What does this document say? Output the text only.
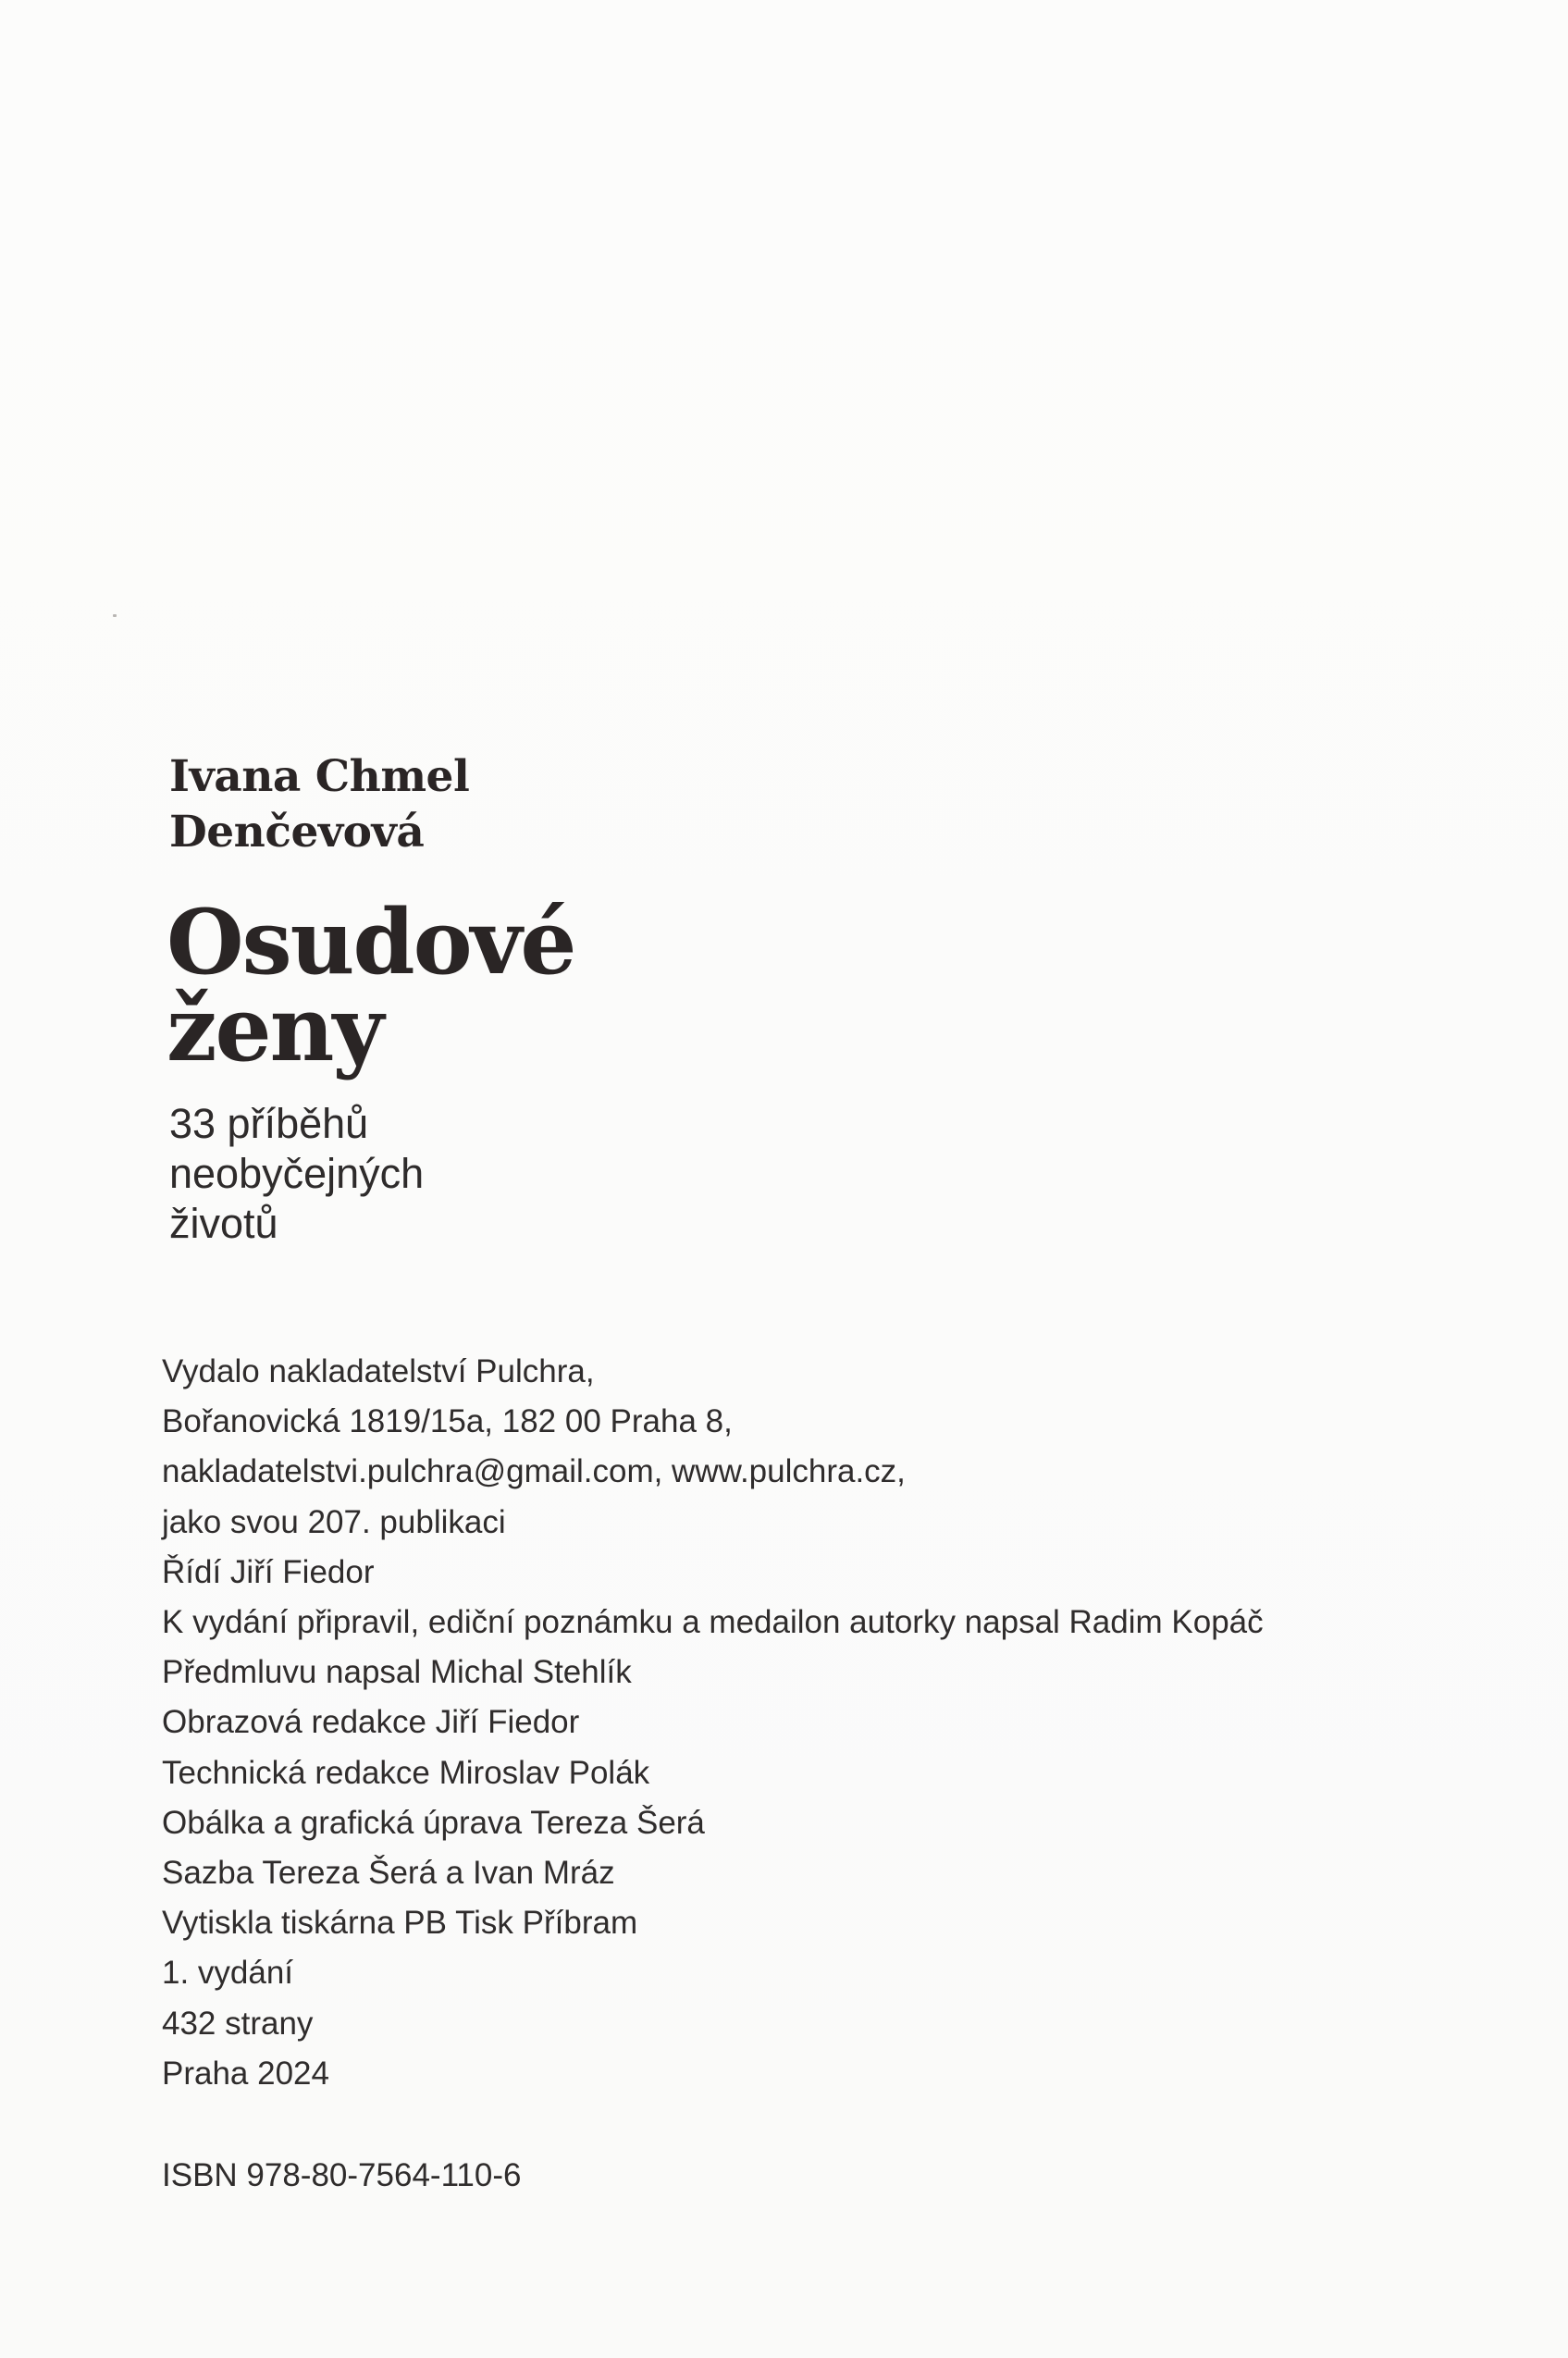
Ivana Chmel
Denčevová
Osudové
ženy
33 příběhů
neobyčejných
životů
Vydalo nakladatelství Pulchra,
Bořanovická 1819/15a, 182 00 Praha 8,
nakladatelstvi.pulchra@gmail.com, www.pulchra.cz,
jako svou 207. publikaci
Řídí Jiří Fiedor
K vydání připravil, ediční poznámku a medailon autorky napsal Radim Kopáč
Předmluvu napsal Michal Stehlík
Obrazová redakce Jiří Fiedor
Technická redakce Miroslav Polák
Obálka a grafická úprava Tereza Šerá
Sazba Tereza Šerá a Ivan Mráz
Vytiskla tiskárna PB Tisk Příbram
1. vydání
432 strany
Praha 2024
ISBN 978-80-7564-110-6
